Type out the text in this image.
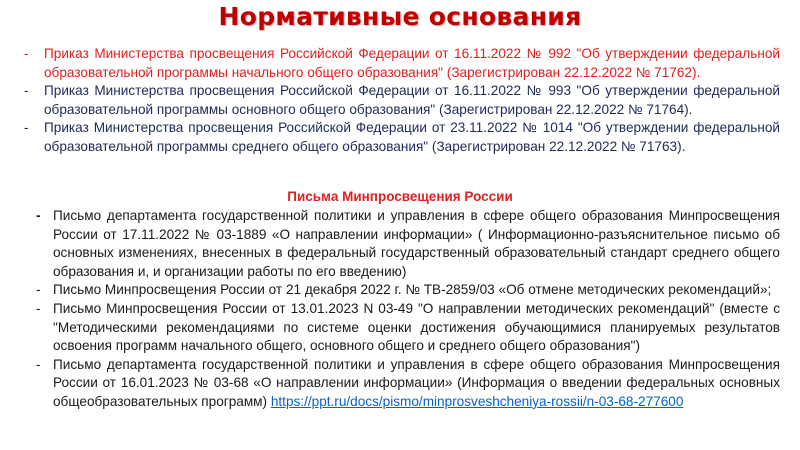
Нормативные основания
- Приказ Министерства просвещения Российской Федерации от 16.11.2022 № 992 "Об утверждении федеральной образовательной программы начального общего образования" (Зарегистрирован 22.12.2022 № 71762).
- Приказ Министерства просвещения Российской Федерации от 16.11.2022 № 993 "Об утверждении федеральной образовательной программы основного общего образования" (Зарегистрирован 22.12.2022 № 71764).
- Приказ Министерства просвещения Российской Федерации от 23.11.2022 № 1014 "Об утверждении федеральной образовательной программы среднего общего образования" (Зарегистрирован 22.12.2022 № 71763).
Письма Минпросвещения России
- Письмо департамента государственной политики и управления в сфере общего образования Минпросвещения России от 17.11.2022 № 03-1889 «О направлении информации» ( Информационно-разъяснительное письмо об основных изменениях, внесенных в федеральный государственный образовательный стандарт среднего общего образования и, и организации работы по его введению)
- Письмо Минпросвещения России от 21 декабря 2022 г. № ТВ-2859/03 «Об отмене методических рекомендаций»;
- Письмо Минпросвещения России от 13.01.2023 N 03-49 "О направлении методических рекомендаций" (вместе с "Методическими рекомендациями по системе оценки достижения обучающимися планируемых результатов освоения программ начального общего, основного общего и среднего общего образования")
- Письмо департамента государственной политики и управления в сфере общего образования Минпросвещения России от 16.01.2023 № 03-68 «О направлении информации» (Информация о введении федеральных основных общеобразовательных программ) https://ppt.ru/docs/pismo/minprosveshcheniya-rossii/n-03-68-277600
